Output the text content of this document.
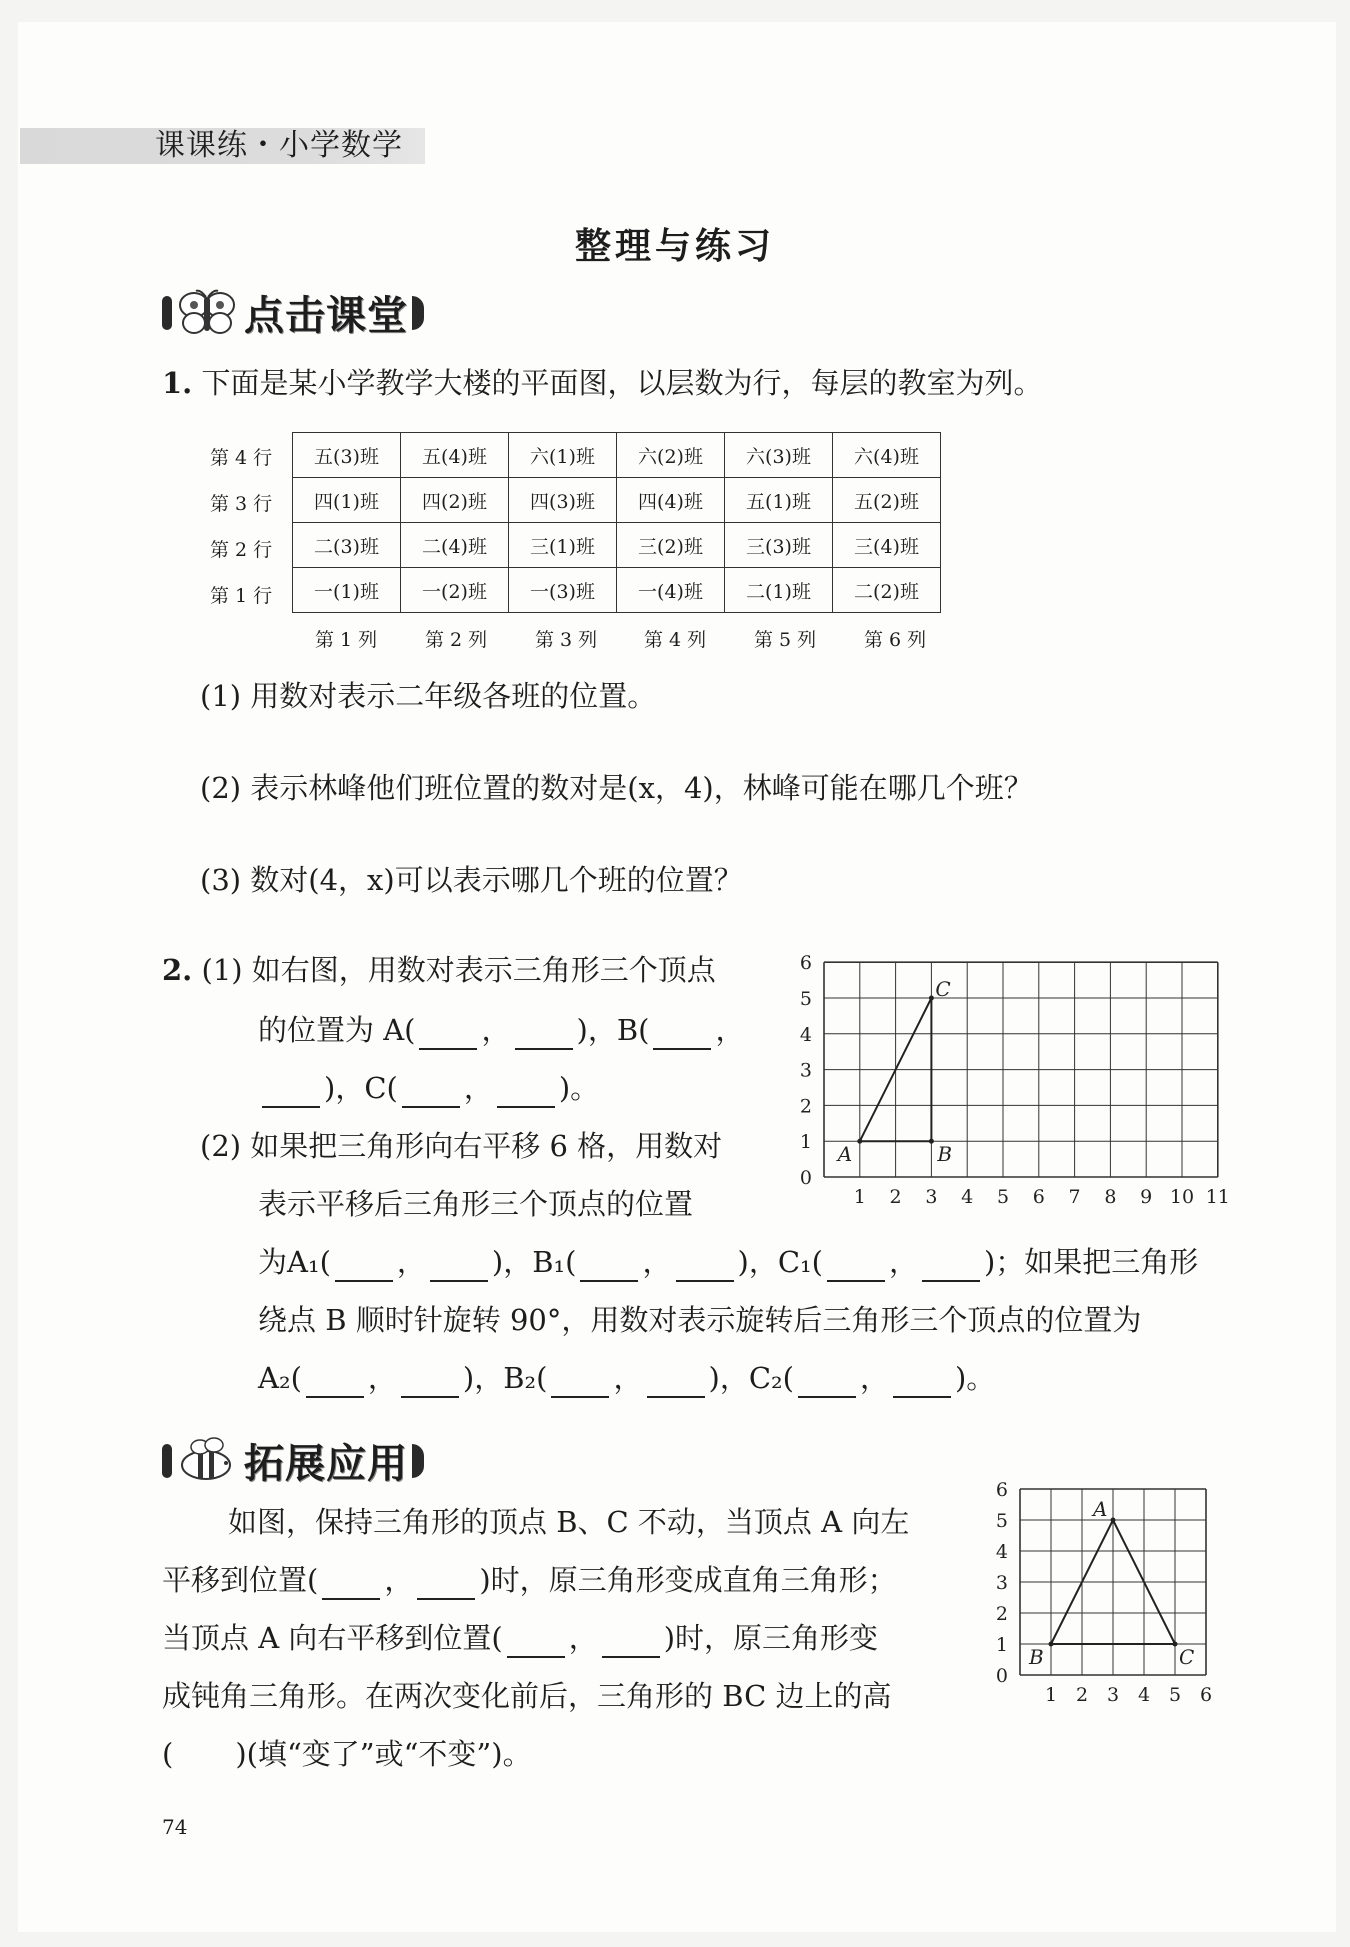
课课练・小学数学
整理与练习
点击课堂
1. 下面是某小学教学大楼的平面图，以层数为行，每层的教室为列。
第 4 行
第 3 行
第 2 行
第 1 行
五(3)班	五(4)班	六(1)班	六(2)班	六(3)班	六(4)班
四(1)班	四(2)班	四(3)班	四(4)班	五(1)班	五(2)班
二(3)班	二(4)班	三(1)班	三(2)班	三(3)班	三(4)班
一(1)班	一(2)班	一(3)班	一(4)班	二(1)班	二(2)班
第 1 列	第 2 列	第 3 列 第 4 列	第 5 列	第 6 列
(1) 用数对表示二年级各班的位置。
(2) 表示林峰他们班位置的数对是(x，4)，林峰可能在哪几个班？
(3) 数对(4，x)可以表示哪几个班的位置？
2. (1) 如右图，用数对表示三角形三个顶点
的位置为 A( ， )，B( ，
)，C( ， )。
(2) 如果把三角形向右平移 6 格，用数对
表示平移后三角形三个顶点的位置
为A₁( ， )，B₁( ， )，C₁( ， )；如果把三角形
绕点 B 顺时针旋转 90°，用数对表示旋转后三角形三个顶点的位置为
A₂( ， )，B₂( ， )，C₂( ， )。
1 2 3 4 5 6 7 8 9 10 11
0
1
2
3
4
5
6
A	B
C
拓展应用
如图，保持三角形的顶点 B、C 不动，当顶点 A 向左
平移到位置( ， )时，原三角形变成直角三角形；
当顶点 A 向右平移到位置( ， )时，原三角形变
成钝角三角形。在两次变化前后，三角形的 BC 边上的高
( )(填“变了”或“不变”)。
1 2 3 4 5 6
0
1
2
3
4
5
6
A
B	C
74
